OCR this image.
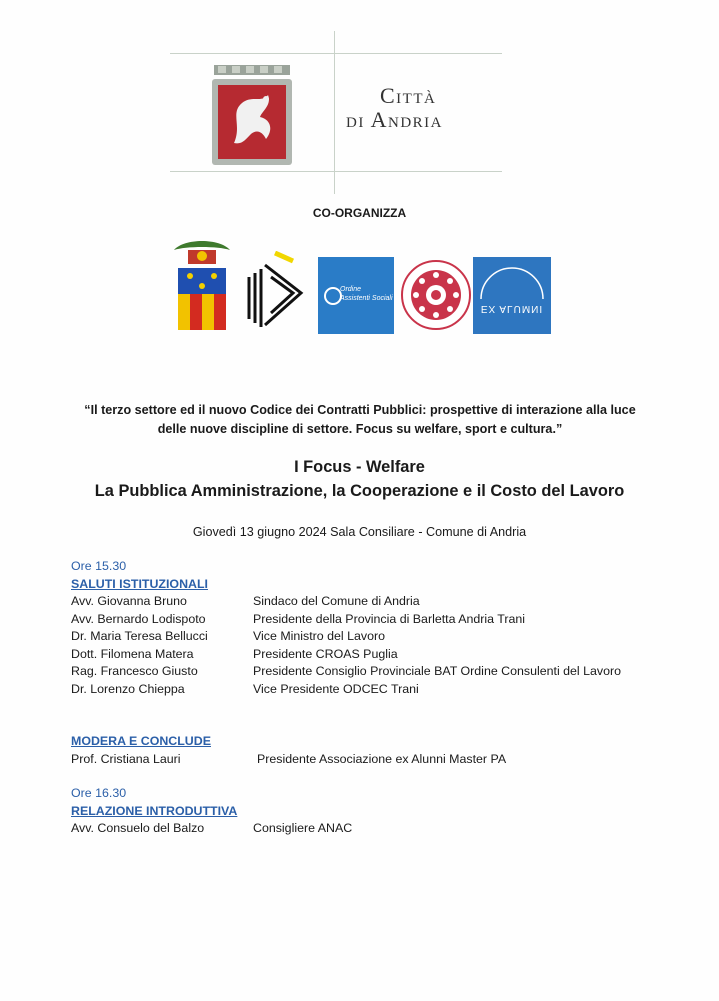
Città
di Andria
CO-ORGANIZZA
Ordine
Assistenti Sociali
EX ALUMNI
“Il terzo settore ed il nuovo Codice dei Contratti Pubblici: prospettive di interazione alla luce
delle nuove discipline di settore. Focus su welfare, sport e cultura.”
I Focus - Welfare
La Pubblica Amministrazione, la Cooperazione e il Costo del Lavoro
Giovedì 13 giugno 2024 Sala Consiliare - Comune di Andria
Ore 15.30
SALUTI ISTITUZIONALI
Avv. Giovanna Bruno	Sindaco del Comune di Andria
Avv. Bernardo Lodispoto	Presidente della Provincia di Barletta Andria Trani
Dr. Maria Teresa Bellucci	Vice Ministro del Lavoro
Dott. Filomena Matera	Presidente CROAS Puglia
Rag. Francesco Giusto	Presidente Consiglio Provinciale BAT Ordine Consulenti del Lavoro
Dr. Lorenzo Chieppa	Vice Presidente ODCEC Trani
MODERA E CONCLUDE
Prof. Cristiana Lauri	Presidente Associazione ex Alunni Master PA
Ore 16.30
RELAZIONE INTRODUTTIVA
Avv. Consuelo del Balzo	Consigliere ANAC
